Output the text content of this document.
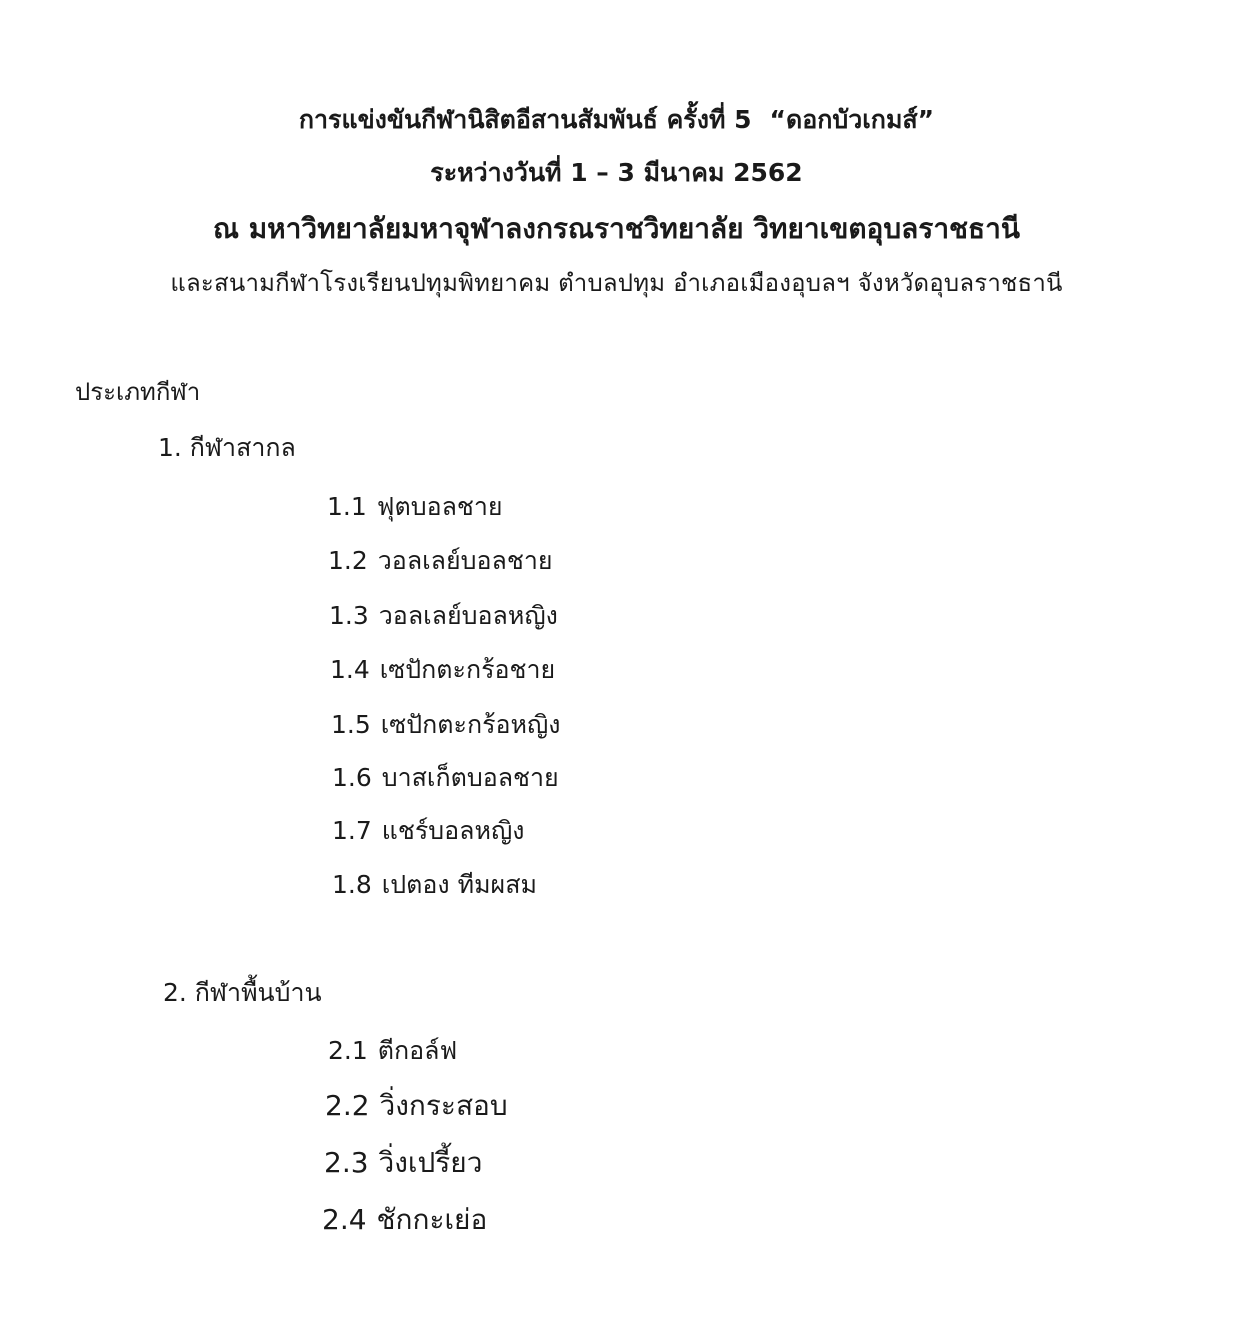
การแข่งขันกีฬานิสิตอีสานสัมพันธ์ ครั้งที่ 5 “ดอกบัวเกมส์”
ระหว่างวันที่ 1 – 3 มีนาคม 2562
ณ มหาวิทยาลัยมหาจุฬาลงกรณราชวิทยาลัย วิทยาเขตอุบลราชธานี
และสนามกีฬาโรงเรียนปทุมพิทยาคม ตำบลปทุม อำเภอเมืองอุบลฯ จังหวัดอุบลราชธานี
ประเภทกีฬา
1. กีฬาสากล
1.1 ฟุตบอลชาย
1.2 วอลเลย์บอลชาย
1.3 วอลเลย์บอลหญิง
1.4 เซปักตะกร้อชาย
1.5 เซปักตะกร้อหญิง
1.6 บาสเก็ตบอลชาย
1.7 แชร์บอลหญิง
1.8 เปตอง ทีมผสม
2. กีฬาพื้นบ้าน
2.1 ตีกอล์ฟ
2.2 วิ่งกระสอบ
2.3 วิ่งเปรี้ยว
2.4 ชักกะเย่อ
